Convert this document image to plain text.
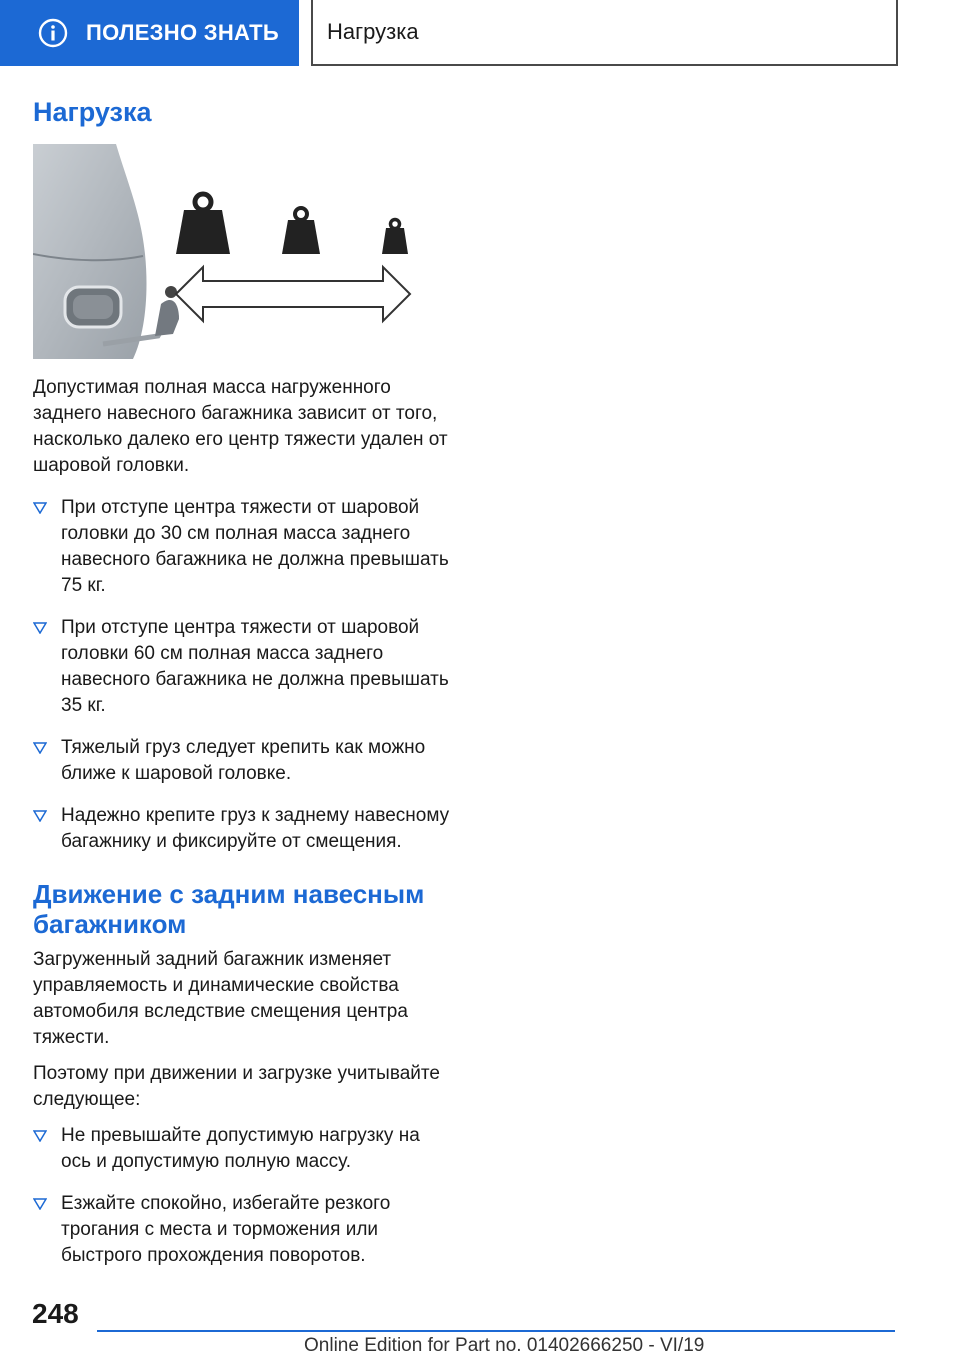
ПОЛЕЗНО ЗНАТЬ Нагрузка
Нагрузка

Допустимая полная масса нагруженного заднего навесного багажника зависит от того, насколько далеко его центр тяжести удален от шаровой головки.

При отступе центра тяжести от шаровой головки до 30 см полная масса заднего навесного багажника не должна превышать 75 кг.
При отступе центра тяжести от шаровой головки 60 см полная масса заднего навесного багажника не должна превышать 35 кг.
Тяжелый груз следует крепить как можно ближе к шаровой головке.
Надежно крепите груз к заднему навесному багажнику и фиксируйте от смещения.
Движение с задним навесным багажником

Загруженный задний багажник изменяет управляемость и динамические свойства автомобиля вследствие смещения центра тяжести.

Поэтому при движении и загрузке учитывайте следующее:

Не превышайте допустимую нагрузку на ось и допустимую полную массу.
Езжайте спокойно, избегайте резкого трогания с места и торможения или быстрого прохождения поворотов.
248
Online Edition for Part no. 01402666250 - VI/19
